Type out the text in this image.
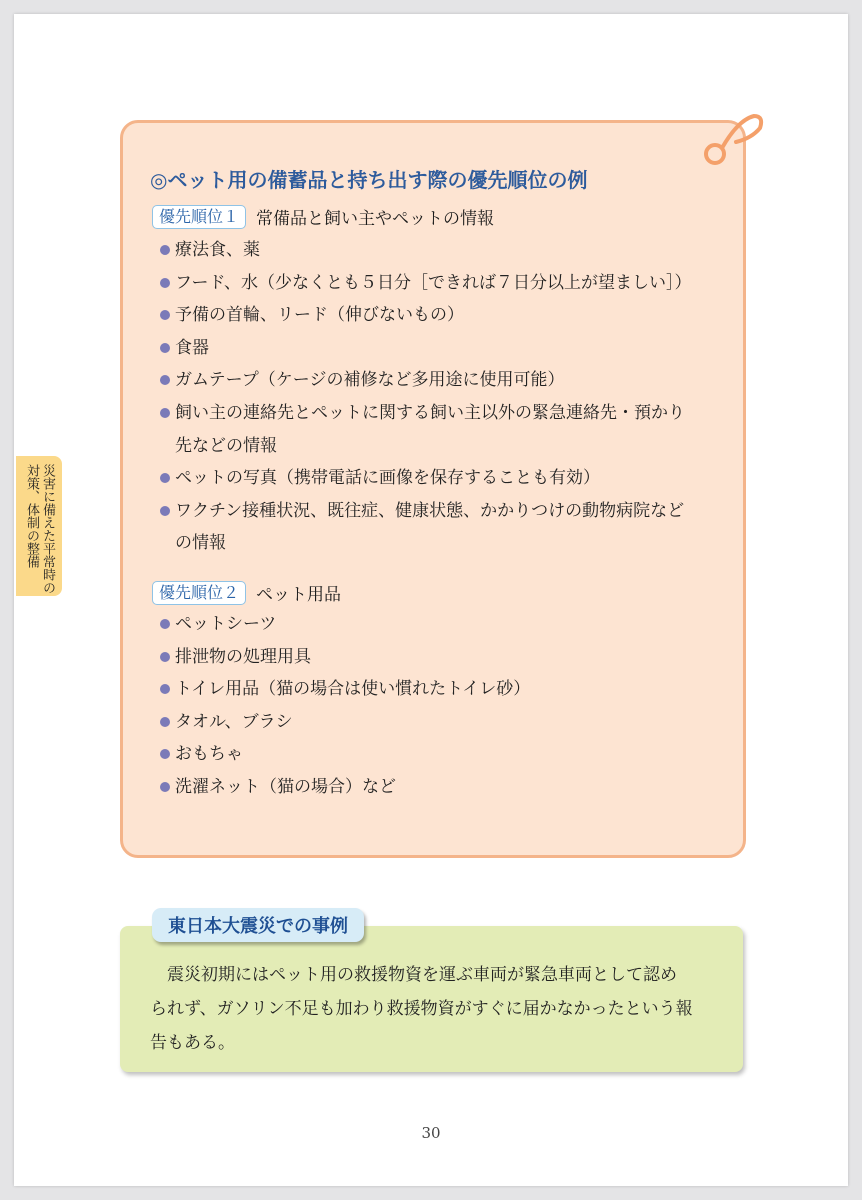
災害に備えた平常時の
対策、体制の整備
◎ペット用の備蓄品と持ち出す際の優先順位の例
優先順位１	常備品と飼い主やペットの情報
療法食、薬
フード、水（少なくとも５日分［できれば７日分以上が望ましい］）
予備の首輪、リード（伸びないもの）
食器
ガムテープ（ケージの補修など多用途に使用可能）
飼い主の連絡先とペットに関する飼い主以外の緊急連絡先・預かり
先などの情報
ペットの写真（携帯電話に画像を保存することも有効）
ワクチン接種状況、既往症、健康状態、かかりつけの動物病院など
の情報
優先順位２	ペット用品
ペットシーツ
排泄物の処理用具
トイレ用品（猫の場合は使い慣れたトイレ砂）
タオル、ブラシ
おもちゃ
洗濯ネット（猫の場合）など
東日本大震災での事例
　震災初期にはペット用の救援物資を運ぶ車両が緊急車両として認め
られず、ガソリン不足も加わり救援物資がすぐに届かなかったという報
告もある。
30
